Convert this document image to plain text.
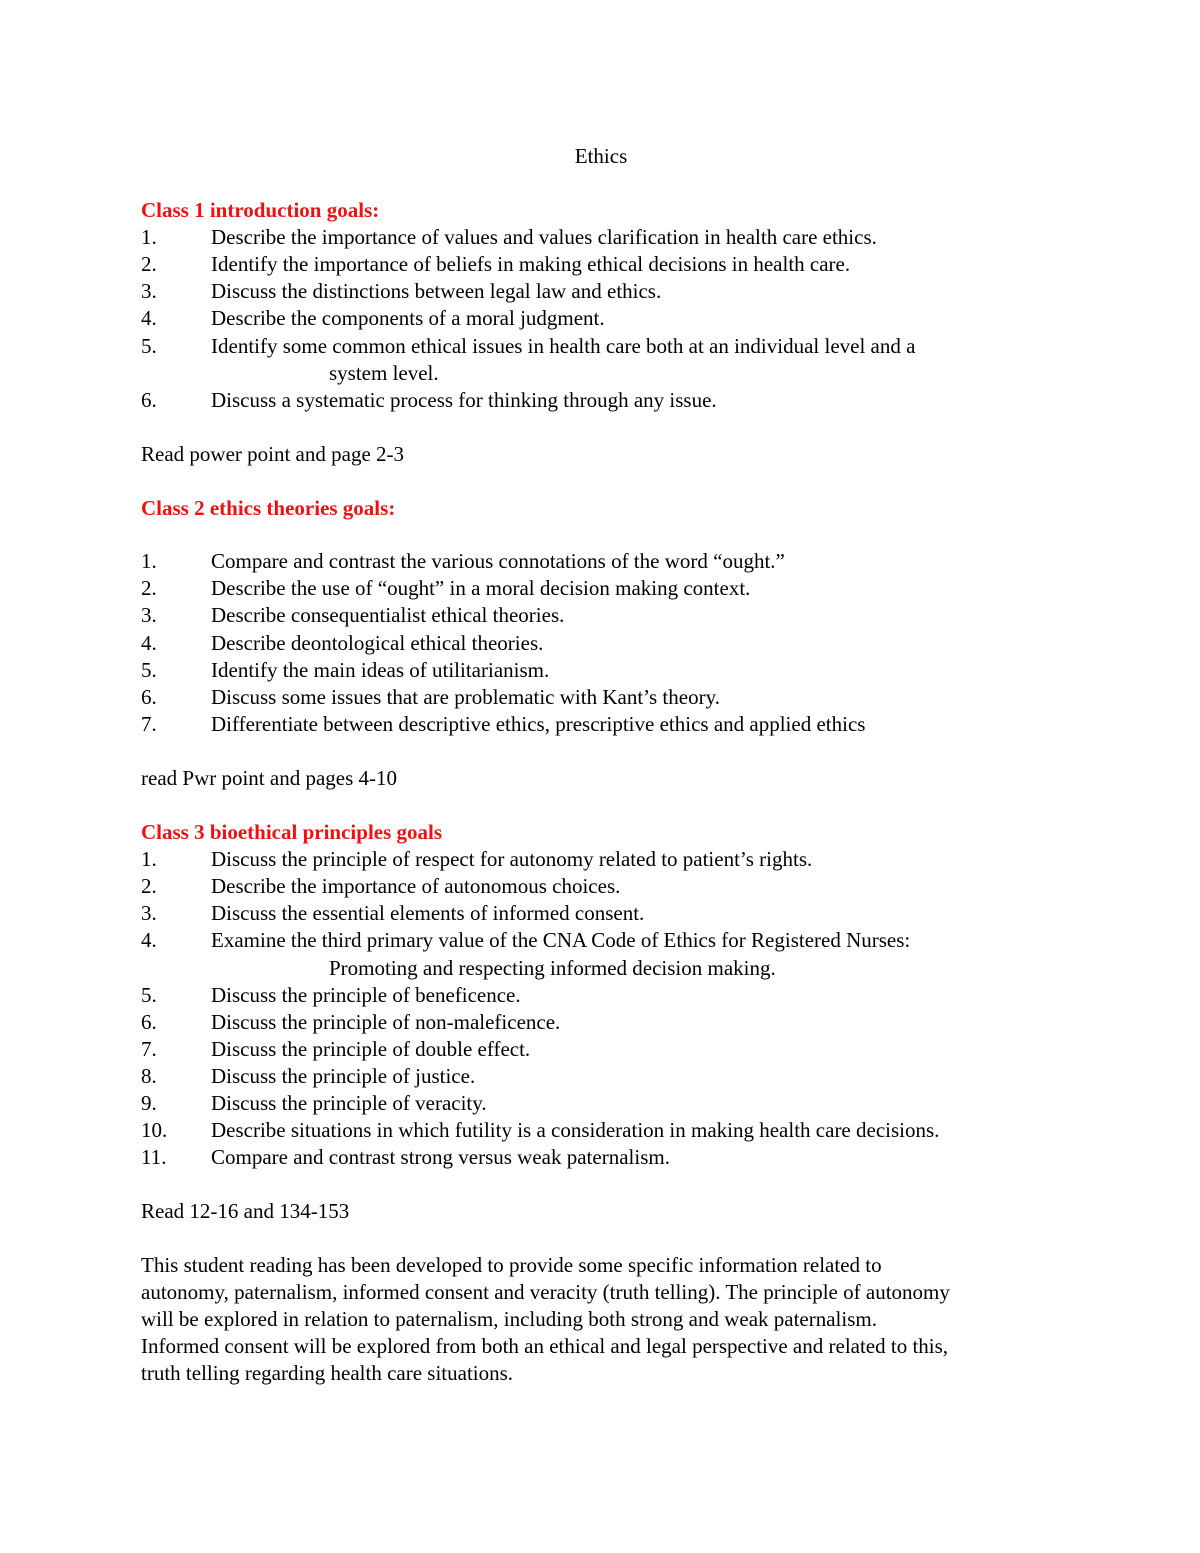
Ethics
Class 1 introduction goals:
1.	Describe the importance of values and values clarification in health care ethics.
2.	Identify the importance of beliefs in making ethical decisions in health care.
3.	Discuss the distinctions between legal law and ethics.
4.	Describe the components of a moral judgment.
5.	Identify some common ethical issues in health care both at an individual level and a
system level.
6.	Discuss a systematic process for thinking through any issue.
Read power point and page 2-3
Class 2 ethics theories goals:
1.	Compare and contrast the various connotations of the word “ought.”
2.	Describe the use of “ought” in a moral decision making context.
3.	Describe consequentialist ethical theories.
4.	Describe deontological ethical theories.
5.	Identify the main ideas of utilitarianism.
6.	Discuss some issues that are problematic with Kant’s theory.
7.	Differentiate between descriptive ethics, prescriptive ethics and applied ethics
read Pwr point and pages 4-10
Class 3 bioethical principles goals
1.	Discuss the principle of respect for autonomy related to patient’s rights.
2.	Describe the importance of autonomous choices.
3.	Discuss the essential elements of informed consent.
4.	Examine the third primary value of the CNA Code of Ethics for Registered Nurses:
Promoting and respecting informed decision making.
5.	Discuss the principle of beneficence.
6.	Discuss the principle of non-maleficence.
7.	Discuss the principle of double effect.
8.	Discuss the principle of justice.
9.	Discuss the principle of veracity.
10. Describe situations in which futility is a consideration in making health care decisions.
11. Compare and contrast strong versus weak paternalism.
Read 12-16 and 134-153
This student reading has been developed to provide some specific information related to
autonomy, paternalism, informed consent and veracity (truth telling). The principle of autonomy
will be explored in relation to paternalism, including both strong and weak paternalism.
Informed consent will be explored from both an ethical and legal perspective and related to this,
truth telling regarding health care situations.
